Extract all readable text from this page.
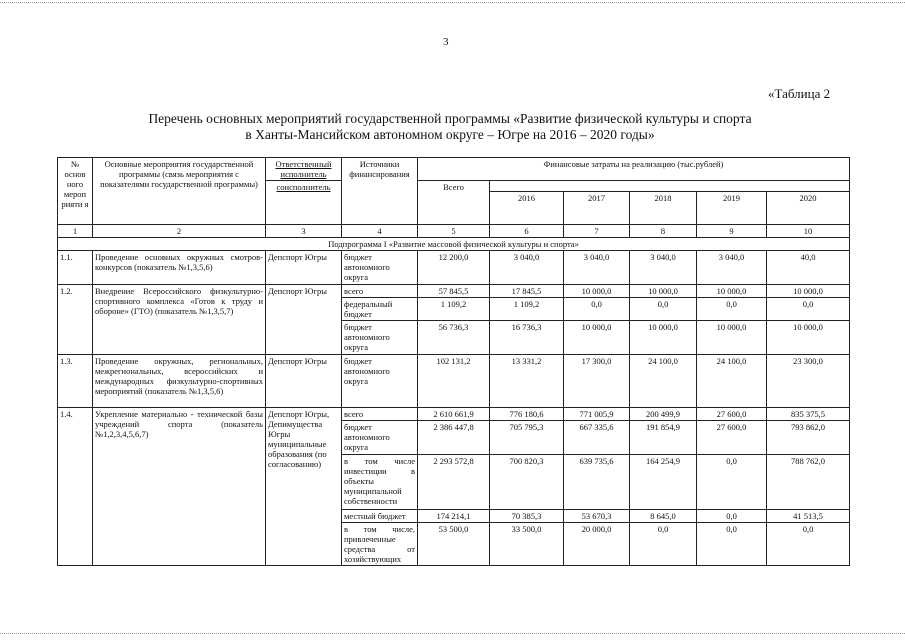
3
«Таблица 2
Перечень основных мероприятий государственной программы «Развитие физической культуры и спорта
в Ханты-Мансийском автономном округе – Югре на 2016 – 2020 годы»
№ основ ного мероп рияти я	Основные мероприятия государственной программы (связь мероприятия с показателями государственной программы)	Ответственный исполнитель	Источники финансирования	Финансовые затраты на реализацию (тыс.рублей)					
		соисполнитель		Всего					
					2016	2017	2018	2019	2020
1	2	3	4	5	6	7	8	9	10
Подпрограмма I «Развитие массовой физической культуры и спорта»									
1.1.	Проведение основных окружных смотров-конкурсов (показатель №1,3,5,6)	Депспорт Югры	бюджет автономного округа	12 200,0	3 040,0	3 040,0	3 040,0	3 040,0	40,0
1.2.	Внедрение Всероссийского физкультурно-спортивного комплекса «Готов к труду и обороне» (ГТО) (показатель №1,3,5,7)	Депспорт Югры	всего	57 845,5	17 845,5	10 000,0	10 000,0	10 000,0	10 000,0
			федеральный бюджет	1 109,2	1 109,2	0,0	0,0	0,0	0,0
			бюджет автономного округа	56 736,3	16 736,3	10 000,0	10 000,0	10 000,0	10 000,0
1.3.	Проведение окружных, региональных, межрегиональных, всероссийских и международных физкультурно-спортивных мероприятий (показатель №1,3,5,6)	Депспорт Югры	бюджет автономного округа	102 131,2	13 331,2	17 300,0	24 100,0	24 100,0	23 300,0
1.4.	Укрепление материально - технической базы учреждений спорта (показатель №1,2,3,4,5,6,7)	Депспорт Югры, Депимущества Югры муниципальные образования (по согласованию)	всего	2 610 661,9	776 180,6	771 005,9	200 499,9	27 600,0	835 375,5
			бюджет автономного округа	2 386 447,8	705 795,3	667 335,6	191 854,9	27 600,0	793 862,0
			в том числе инвестиции в объекты муниципальной собственности	2 293 572,8	700 820,3	639 735,6	164 254,9	0,0	788 762,0
			местный бюджет	174 214,1	70 385,3	53 670,3	8 645,0	0,0	41 513,5
			в том числе, привлеченные средства от хозяйствующих	53 500,0	33 500,0	20 000,0	0,0	0,0	0,0
